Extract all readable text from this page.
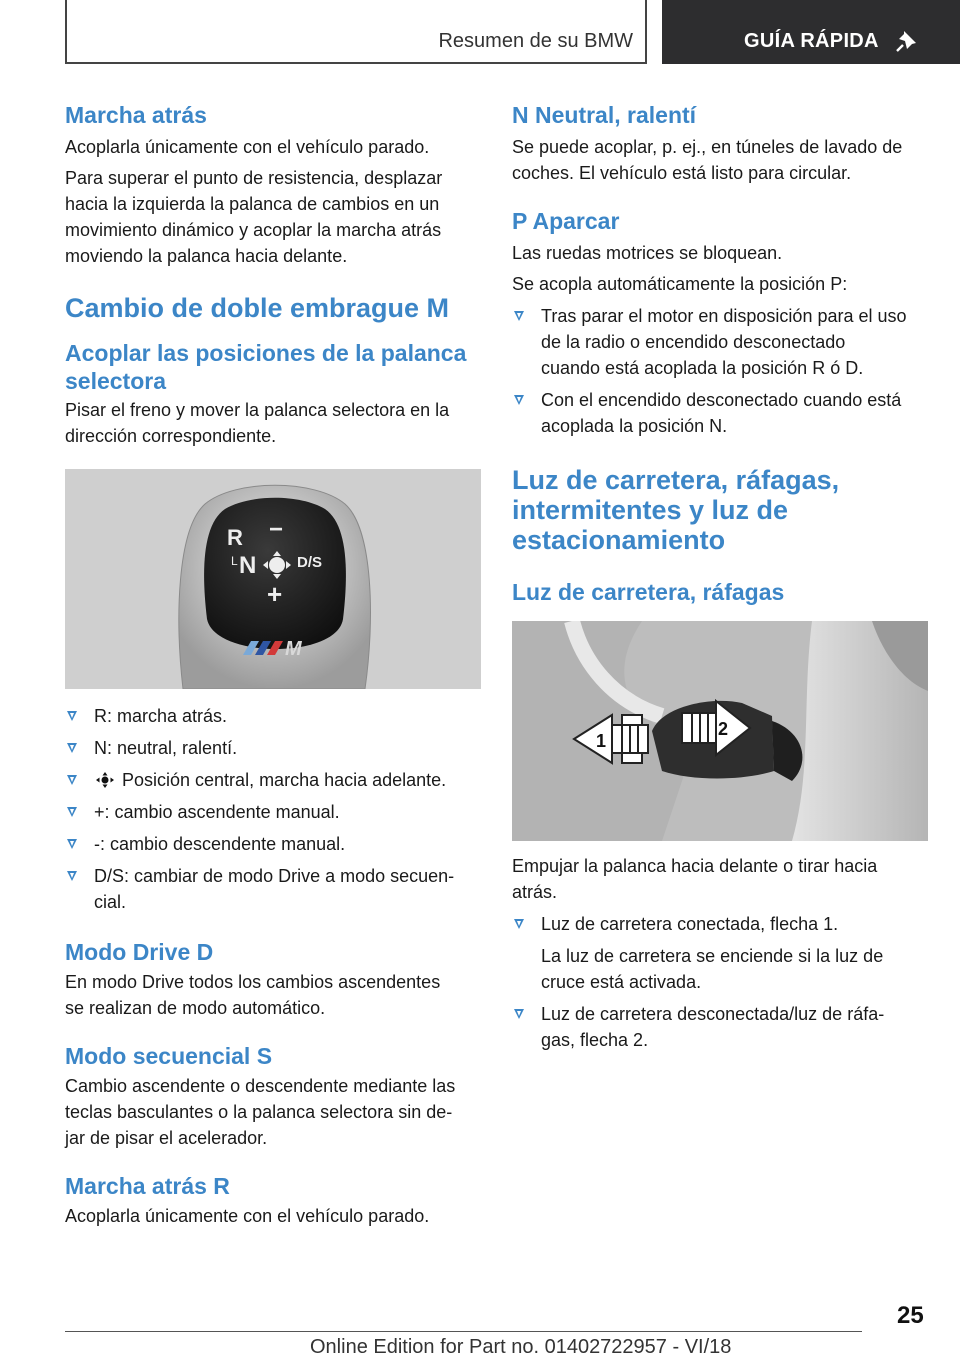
Resumen de su BMW	GUÍA RÁPIDA
Marcha atrás

Acoplarla únicamente con el vehículo parado.

Para superar el punto de resistencia, desplazar
hacia la izquierda la palanca de cambios en un
movimiento dinámico y acoplar la marcha atrás
moviendo la palanca hacia delante.

Cambio de doble embrague M
Acoplar las posiciones de la palanca
selectora

Pisar el freno y mover la palanca selectora en la
dirección correspondiente.

R −
L N	D/S
+
M
R: marcha atrás.
N: neutral, ralentí.
Posición central, marcha hacia adelante.
+: cambio ascendente manual.
-: cambio descendente manual.
D/S: cambiar de modo Drive a modo secuen-
cial.
Modo Drive D

En modo Drive todos los cambios ascendentes
se realizan de modo automático.

Modo secuencial S

Cambio ascendente o descendente mediante las
teclas basculantes o la palanca selectora sin de-
jar de pisar el acelerador.

Marcha atrás R

Acoplarla únicamente con el vehículo parado.

N Neutral, ralentí

Se puede acoplar, p. ej., en túneles de lavado de
coches. El vehículo está listo para circular.

P Aparcar

Las ruedas motrices se bloquean.

Se acopla automáticamente la posición P:

Tras parar el motor en disposición para el uso
de la radio o encendido desconectado
cuando está acoplada la posición R ó D.
Con el encendido desconectado cuando está
acoplada la posición N.
Luz de carretera, ráfagas,
intermitentes y luz de
estacionamiento
Luz de carretera, ráfagas
1
2

Empujar la palanca hacia delante o tirar hacia
atrás.

Luz de carretera conectada, flecha 1.
La luz de carretera se enciende si la luz de
cruce está activada.
Luz de carretera desconectada/luz de ráfa-
gas, flecha 2.
25
Online Edition for Part no. 01402722957 - VI/18
